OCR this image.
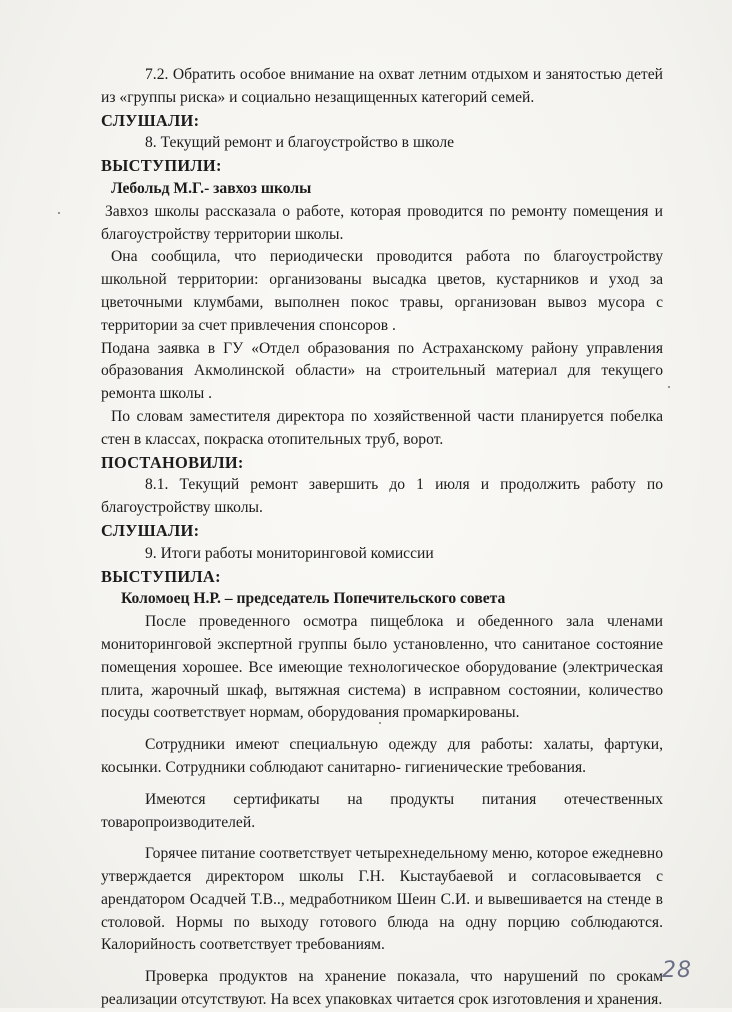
7.2. Обратить особое внимание на охват летним отдыхом и занятостью детей из «группы риска» и социально незащищенных категорий семей.

СЛУШАЛИ:

8. Текущий ремонт и благоустройство в школе

ВЫСТУПИЛИ:

Лебольд М.Г.- завхоз школы

Завхоз школы рассказала о работе, которая проводится по ремонту помещения и благоустройству территории школы.

Она сообщила, что периодически проводится работа по благоустройству школьной территории: организованы высадка цветов, кустарников и уход за цветочными клумбами, выполнен покос травы, организован вывоз мусора с территории за счет привлечения спонсоров .

Подана заявка в ГУ «Отдел образования по Астраханскому району управления образования Акмолинской области» на строительный материал для текущего ремонта школы .

По словам заместителя директора по хозяйственной части планируется побелка стен в классах, покраска отопительных труб, ворот.

ПОСТАНОВИЛИ:

8.1. Текущий ремонт завершить до 1 июля и продолжить работу по благоустройству школы.

СЛУШАЛИ:

9. Итоги работы мониторинговой комиссии

ВЫСТУПИЛА:

Коломоец Н.Р. – председатель Попечительского совета

После проведенного осмотра пищеблока и обеденного зала членами мониторинговой экспертной группы было установленно, что санитаное состояние помещения хорошее. Все имеющие технологическое оборудование (электрическая плита, жарочный шкаф, вытяжная система) в исправном состоянии, количество посуды соответствует нормам, оборудования промаркированы.

Сотрудники имеют специальную одежду для работы: халаты, фартуки, косынки. Сотрудники соблюдают санитарно- гигиенические требования.

Имеются сертификаты на продукты питания отечественных товаропроизводителей.

Горячее питание соответствует четырехнедельному меню, которое ежедневно утверждается директором школы Г.Н. Кыстаубаевой и согласовывается с арендатором Осадчей Т.В.., медработником Шеин С.И. и вывешивается на стенде в столовой. Нормы по выходу готового блюда на одну порцию соблюдаются. Калорийность соответствует требованиям.

Проверка продуктов на хранение показала, что нарушений по срокам реализации отсутствуют. На всех упаковках читается срок изготовления и хранения.

28
